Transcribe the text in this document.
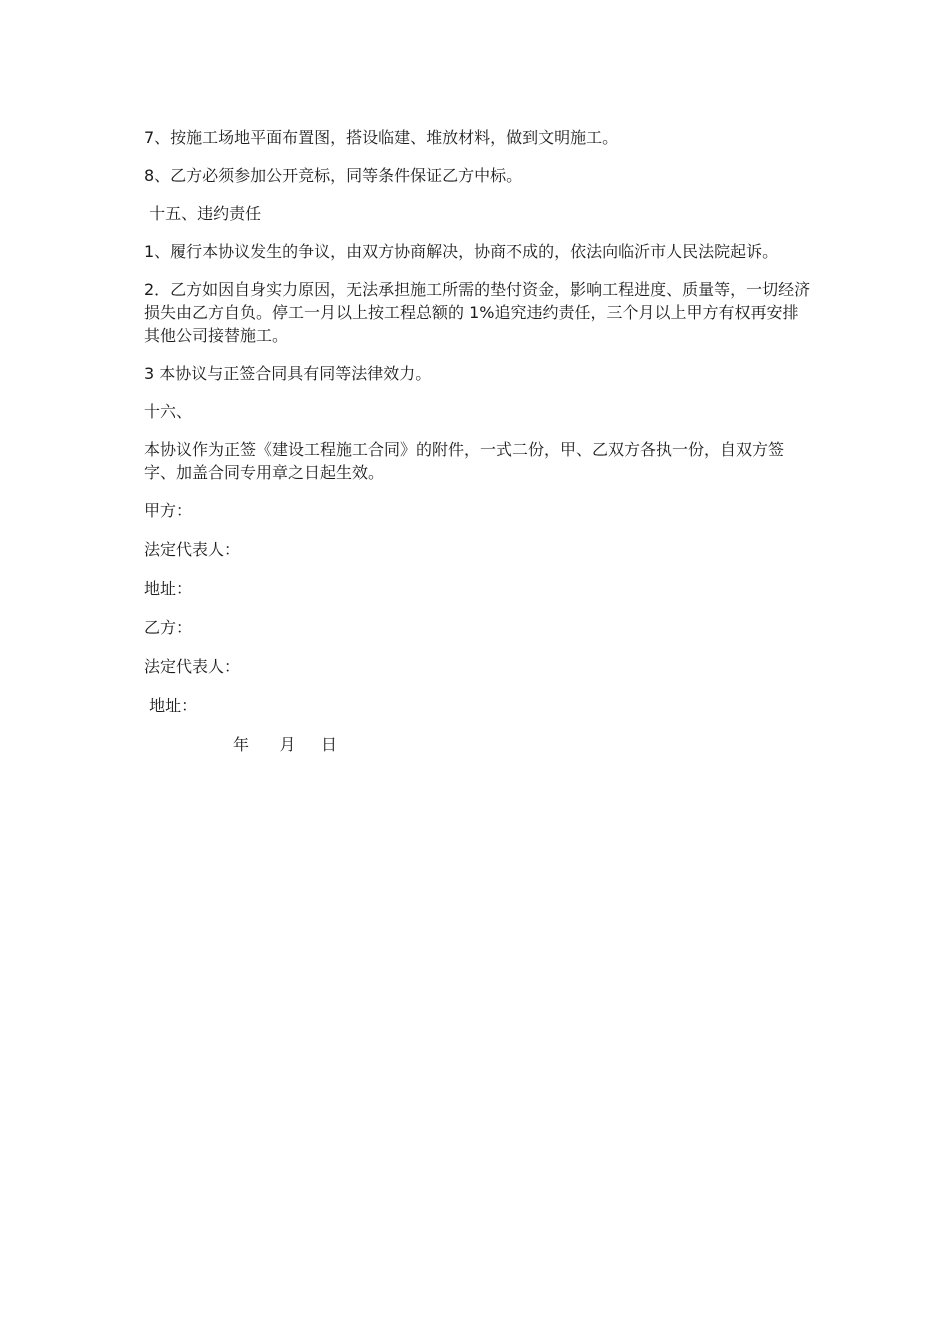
7、按施工场地平面布置图，搭设临建、堆放材料，做到文明施工。

8、乙方必须参加公开竞标，同等条件保证乙方中标。

十五、违约责任

1、履行本协议发生的争议，由双方协商解决，协商不成的，依法向临沂市人民法院起诉。

2．乙方如因自身实力原因，无法承担施工所需的垫付资金，影响工程进度、质量等，一切经济损失由乙方自负。停工一月以上按工程总额的 1%追究违约责任，三个月以上甲方有权再安排其他公司接替施工。

3 本协议与正签合同具有同等法律效力。

十六、

本协议作为正签《建设工程施工合同》的附件，一式二份，甲、乙双方各执一份，自双方签字、加盖合同专用章之日起生效。

甲方：

法定代表人：

地址：

乙方：

法定代表人：

地址：

年      月     日
